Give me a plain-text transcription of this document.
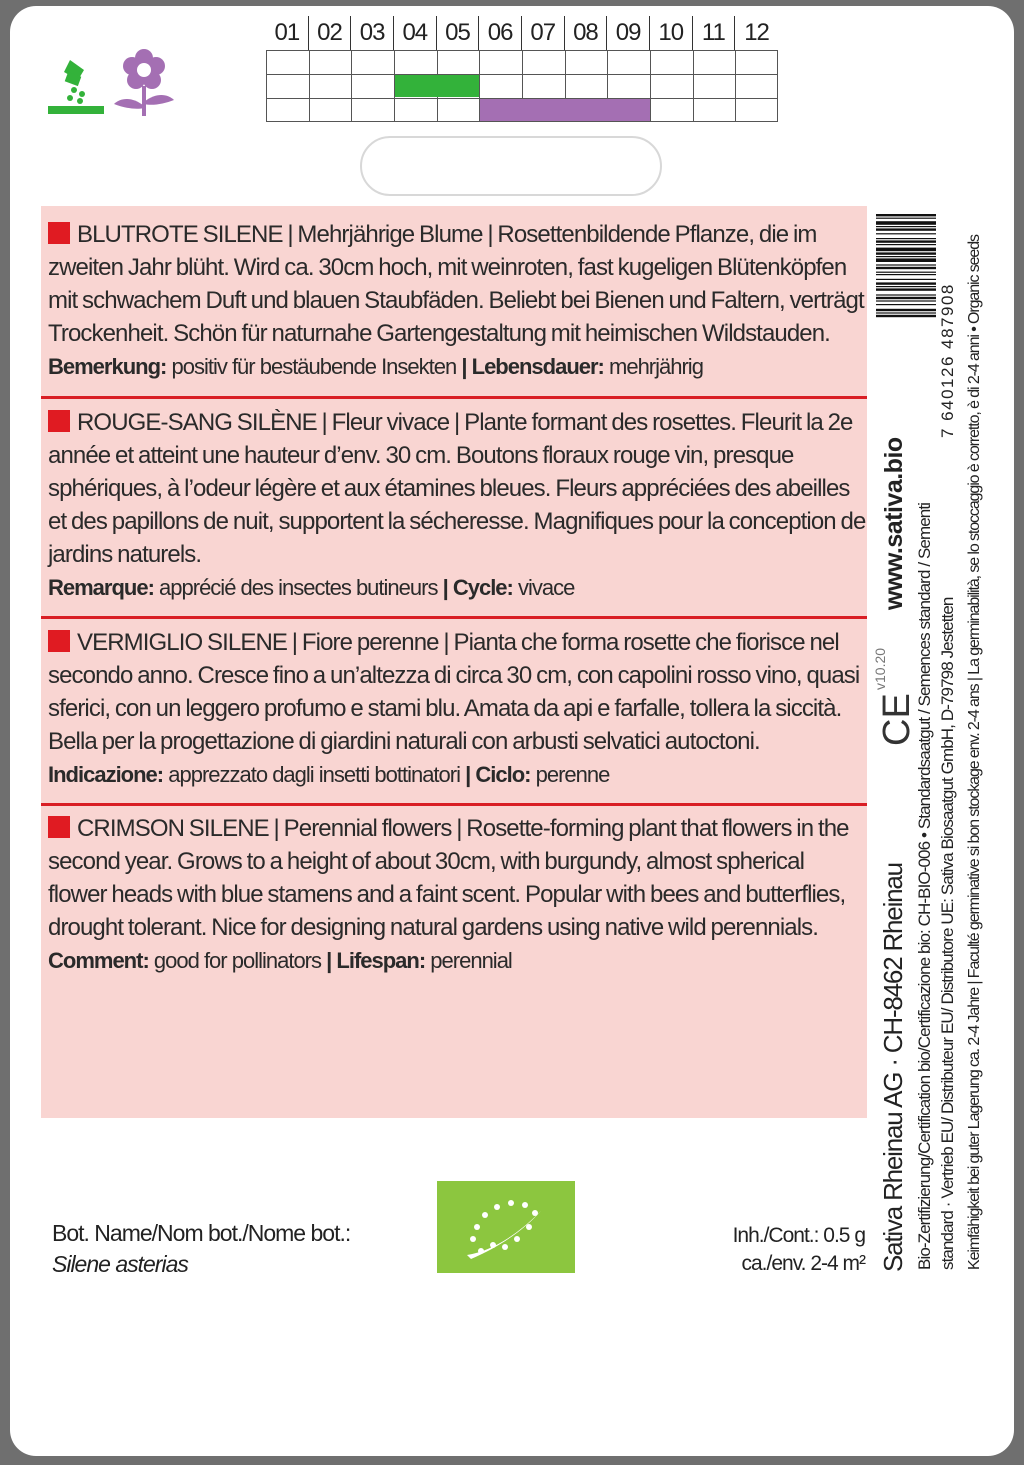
01 02 03 04 05 06 07 08 09 10 11 12
BLUTROTE SILENE | Mehrjährige Blume | Rosettenbildende Pflanze, die im zweiten Jahr blüht. Wird ca. 30cm hoch, mit weinroten, fast kugeligen Blütenköpfen mit schwachem Duft und blauen Staubfäden. Beliebt bei Bienen und Faltern, verträgt Trockenheit. Schön für naturnahe Gartengestaltung mit heimischen Wildstauden.
Bemerkung: positiv für bestäubende Insekten | Lebensdauer: mehrjährig
ROUGE-SANG SILÈNE | Fleur vivace | Plante formant des rosettes. Fleurit la 2e année et atteint une hauteur d’env. 30 cm. Boutons floraux rouge vin, presque sphériques, à l’odeur légère et aux étamines bleues. Fleurs appréciées des abeilles et des papillons de nuit, supportent la sécheresse. Magnifiques pour la conception de jardins naturels.
Remarque: apprécié des insectes butineurs | Cycle: vivace
VERMIGLIO SILENE | Fiore perenne | Pianta che forma rosette che fiorisce nel secondo anno. Cresce fino a un’altezza di circa 30 cm, con capolini rosso vino, quasi sferici, con un leggero profumo e stami blu. Amata da api e farfalle, tollera la siccità. Bella per la progettazione di giardini naturali con arbusti selvatici autoctoni.
Indicazione: apprezzato dagli insetti bottinatori | Ciclo: perenne
CRIMSON SILENE | Perennial flowers | Rosette-forming plant that flowers in the second year. Grows to a height of about 30cm, with burgundy, almost spherical flower heads with blue stamens and a faint scent. Popular with bees and butterflies, drought tolerant. Nice for designing natural gardens using native wild perennials.
Comment: good for pollinators | Lifespan: perennial
Bot. Name/Nom bot./Nome bot.:
Silene asterias
Inh./Cont.: 0.5 g
ca./env. 2-4 m²
www.sativa.bio
v10.20
CE
Sativa Rheinau AG · CH-8462 Rheinau Bio-Zertifizierung/Certification bio/Certificazione bio: CH-BIO-006 • Standardsaatgut / Semences standard / Sementi standard · Vertrieb EU/ Distributeur EU/ Distributore UE: Sativa Biosaatgut GmbH, D-79798 Jestetten Keimfähigkeit bei guter Lagerung ca. 2-4 Jahre | Faculté germinative si bon stockage env. 2-4 ans | La germinabilità, se lo stoccaggio è corretto, è di 2-4 anni • Organic seeds
7 640126 487908
